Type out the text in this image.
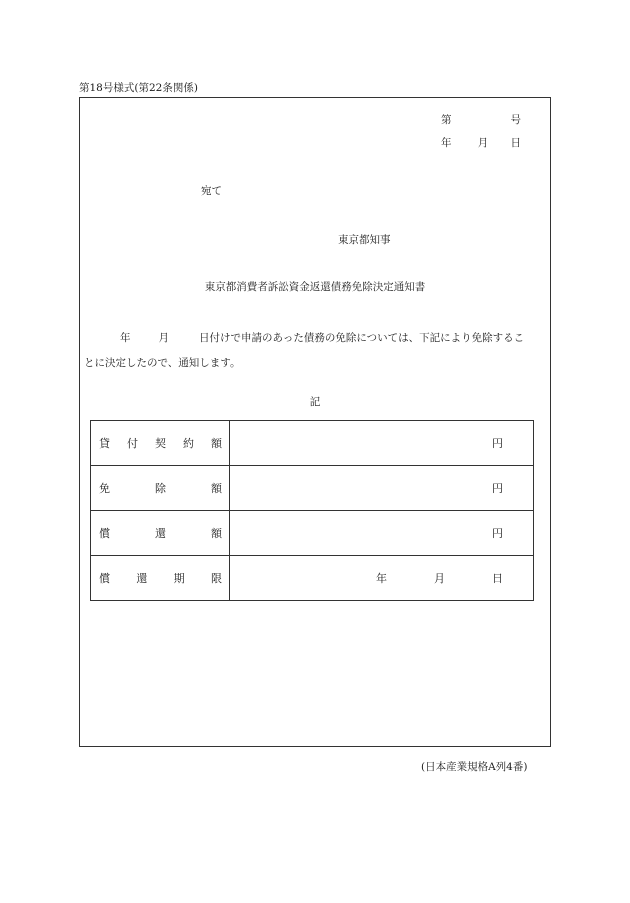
第18号様式(第22条関係)
第	号
年	月 日
宛て
東京都知事
東京都消費者訴訟資金返還債務免除決定通知書
年	月	日付けで申請のあった債務の免除については、下記により免除するこ
とに決定したので、通知します。
記
貸 付 契 約 額	円

免 除 額	円

償 還 額	円

償 還 期 限	年 月 日
(日本産業規格A列4番)
